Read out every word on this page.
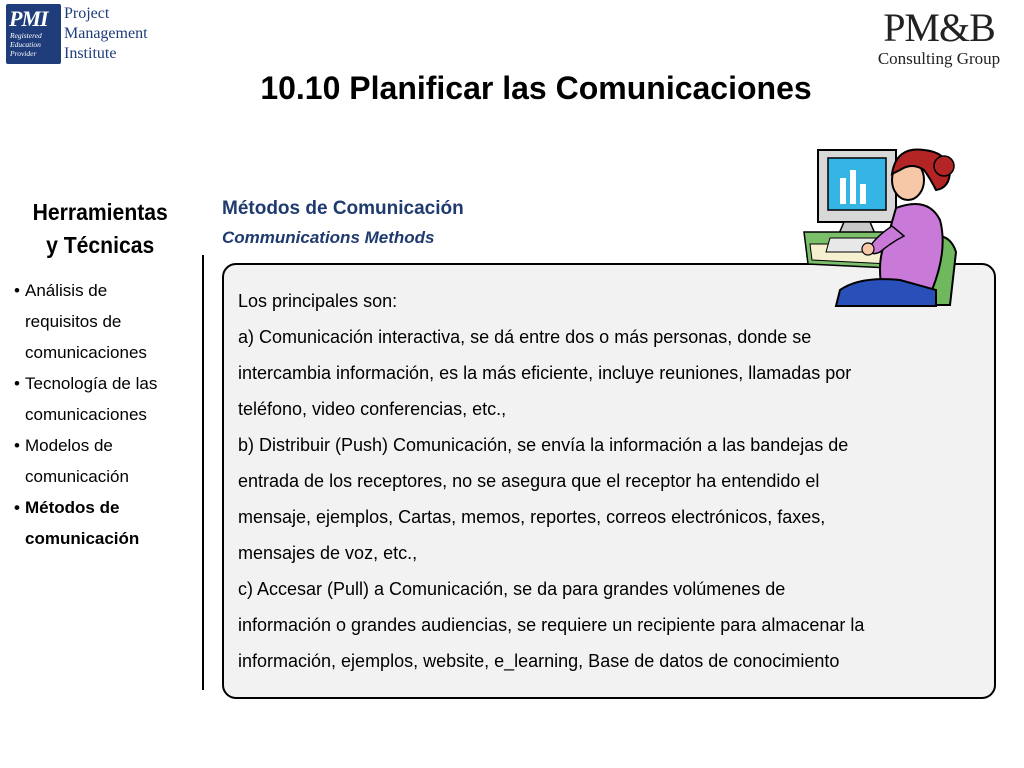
PMI
Registered
Education
Provider
Project
Management
Institute
PM&B
Consulting Group
10.10 Planificar las Comunicaciones
Herramientas
y Técnicas
• Análisis de
requisitos de
comunicaciones
• Tecnología de las
comunicaciones
• Modelos de
comunicación
• Métodos de
comunicación
Métodos de Comunicación
Communications Methods

Los principales son:

a) Comunicación interactiva, se dá entre dos o más personas, donde se

intercambia información, es la más eficiente, incluye reuniones, llamadas por

teléfono, video conferencias, etc.,

b) Distribuir (Push) Comunicación, se envía la información a las bandejas de

entrada de los receptores, no se asegura que el receptor ha entendido el

mensaje, ejemplos, Cartas, memos, reportes, correos electrónicos, faxes,

mensajes de voz, etc.,

c) Accesar (Pull) a Comunicación, se da para grandes volúmenes de

información o grandes audiencias, se requiere un recipiente para almacenar la

información, ejemplos, website, e_learning, Base de datos de conocimiento
